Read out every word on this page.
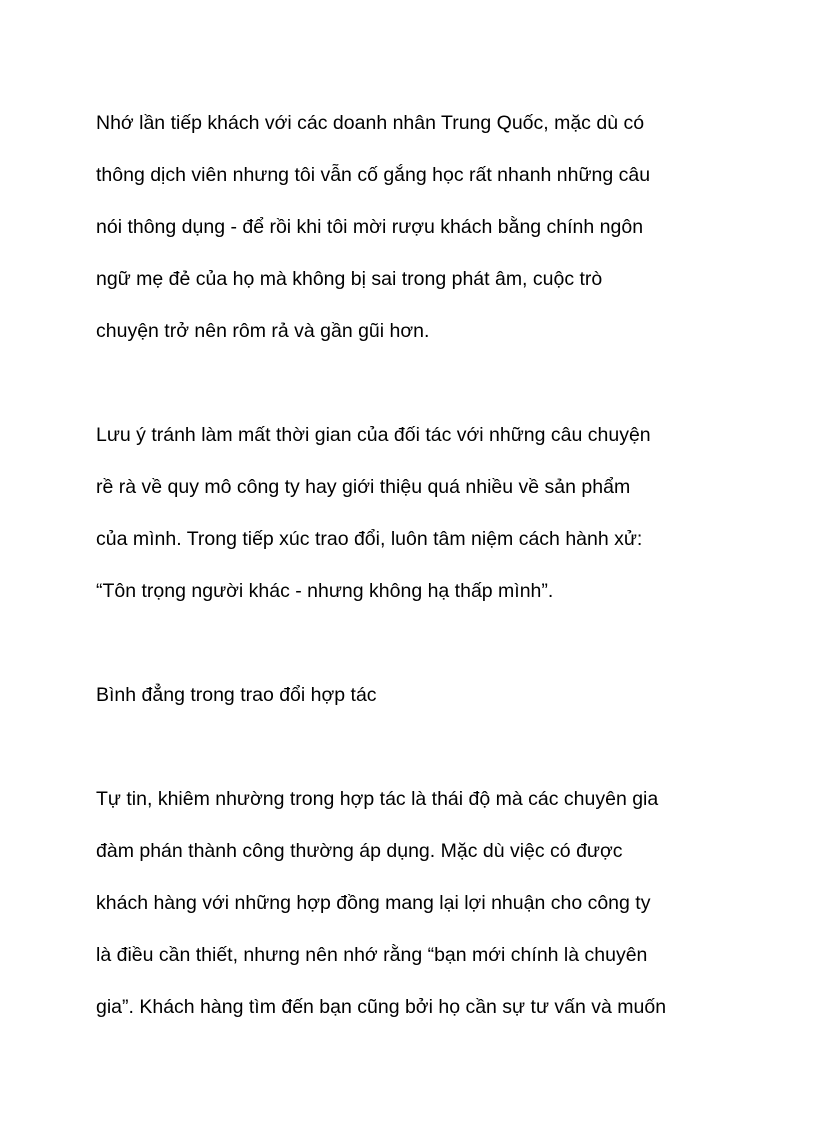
Nhớ lần tiếp khách với các doanh nhân Trung Quốc, mặc dù có
thông dịch viên nhưng tôi vẫn cố gắng học rất nhanh những câu
nói thông dụng - để rồi khi tôi mời rượu khách bằng chính ngôn
ngữ mẹ đẻ của họ mà không bị sai trong phát âm, cuộc trò
chuyện trở nên rôm rả và gần gũi hơn.
Lưu ý tránh làm mất thời gian của đối tác với những câu chuyện
rề rà về quy mô công ty hay giới thiệu quá nhiều về sản phẩm
của mình. Trong tiếp xúc trao đổi, luôn tâm niệm cách hành xử:
“Tôn trọng người khác - nhưng không hạ thấp mình”.
Bình đẳng trong trao đổi hợp tác
Tự tin, khiêm nhường trong hợp tác là thái độ mà các chuyên gia
đàm phán thành công thường áp dụng. Mặc dù việc có được
khách hàng với những hợp đồng mang lại lợi nhuận cho công ty
là điều cần thiết, nhưng nên nhớ rằng “bạn mới chính là chuyên
gia”. Khách hàng tìm đến bạn cũng bởi họ cần sự tư vấn và muốn
